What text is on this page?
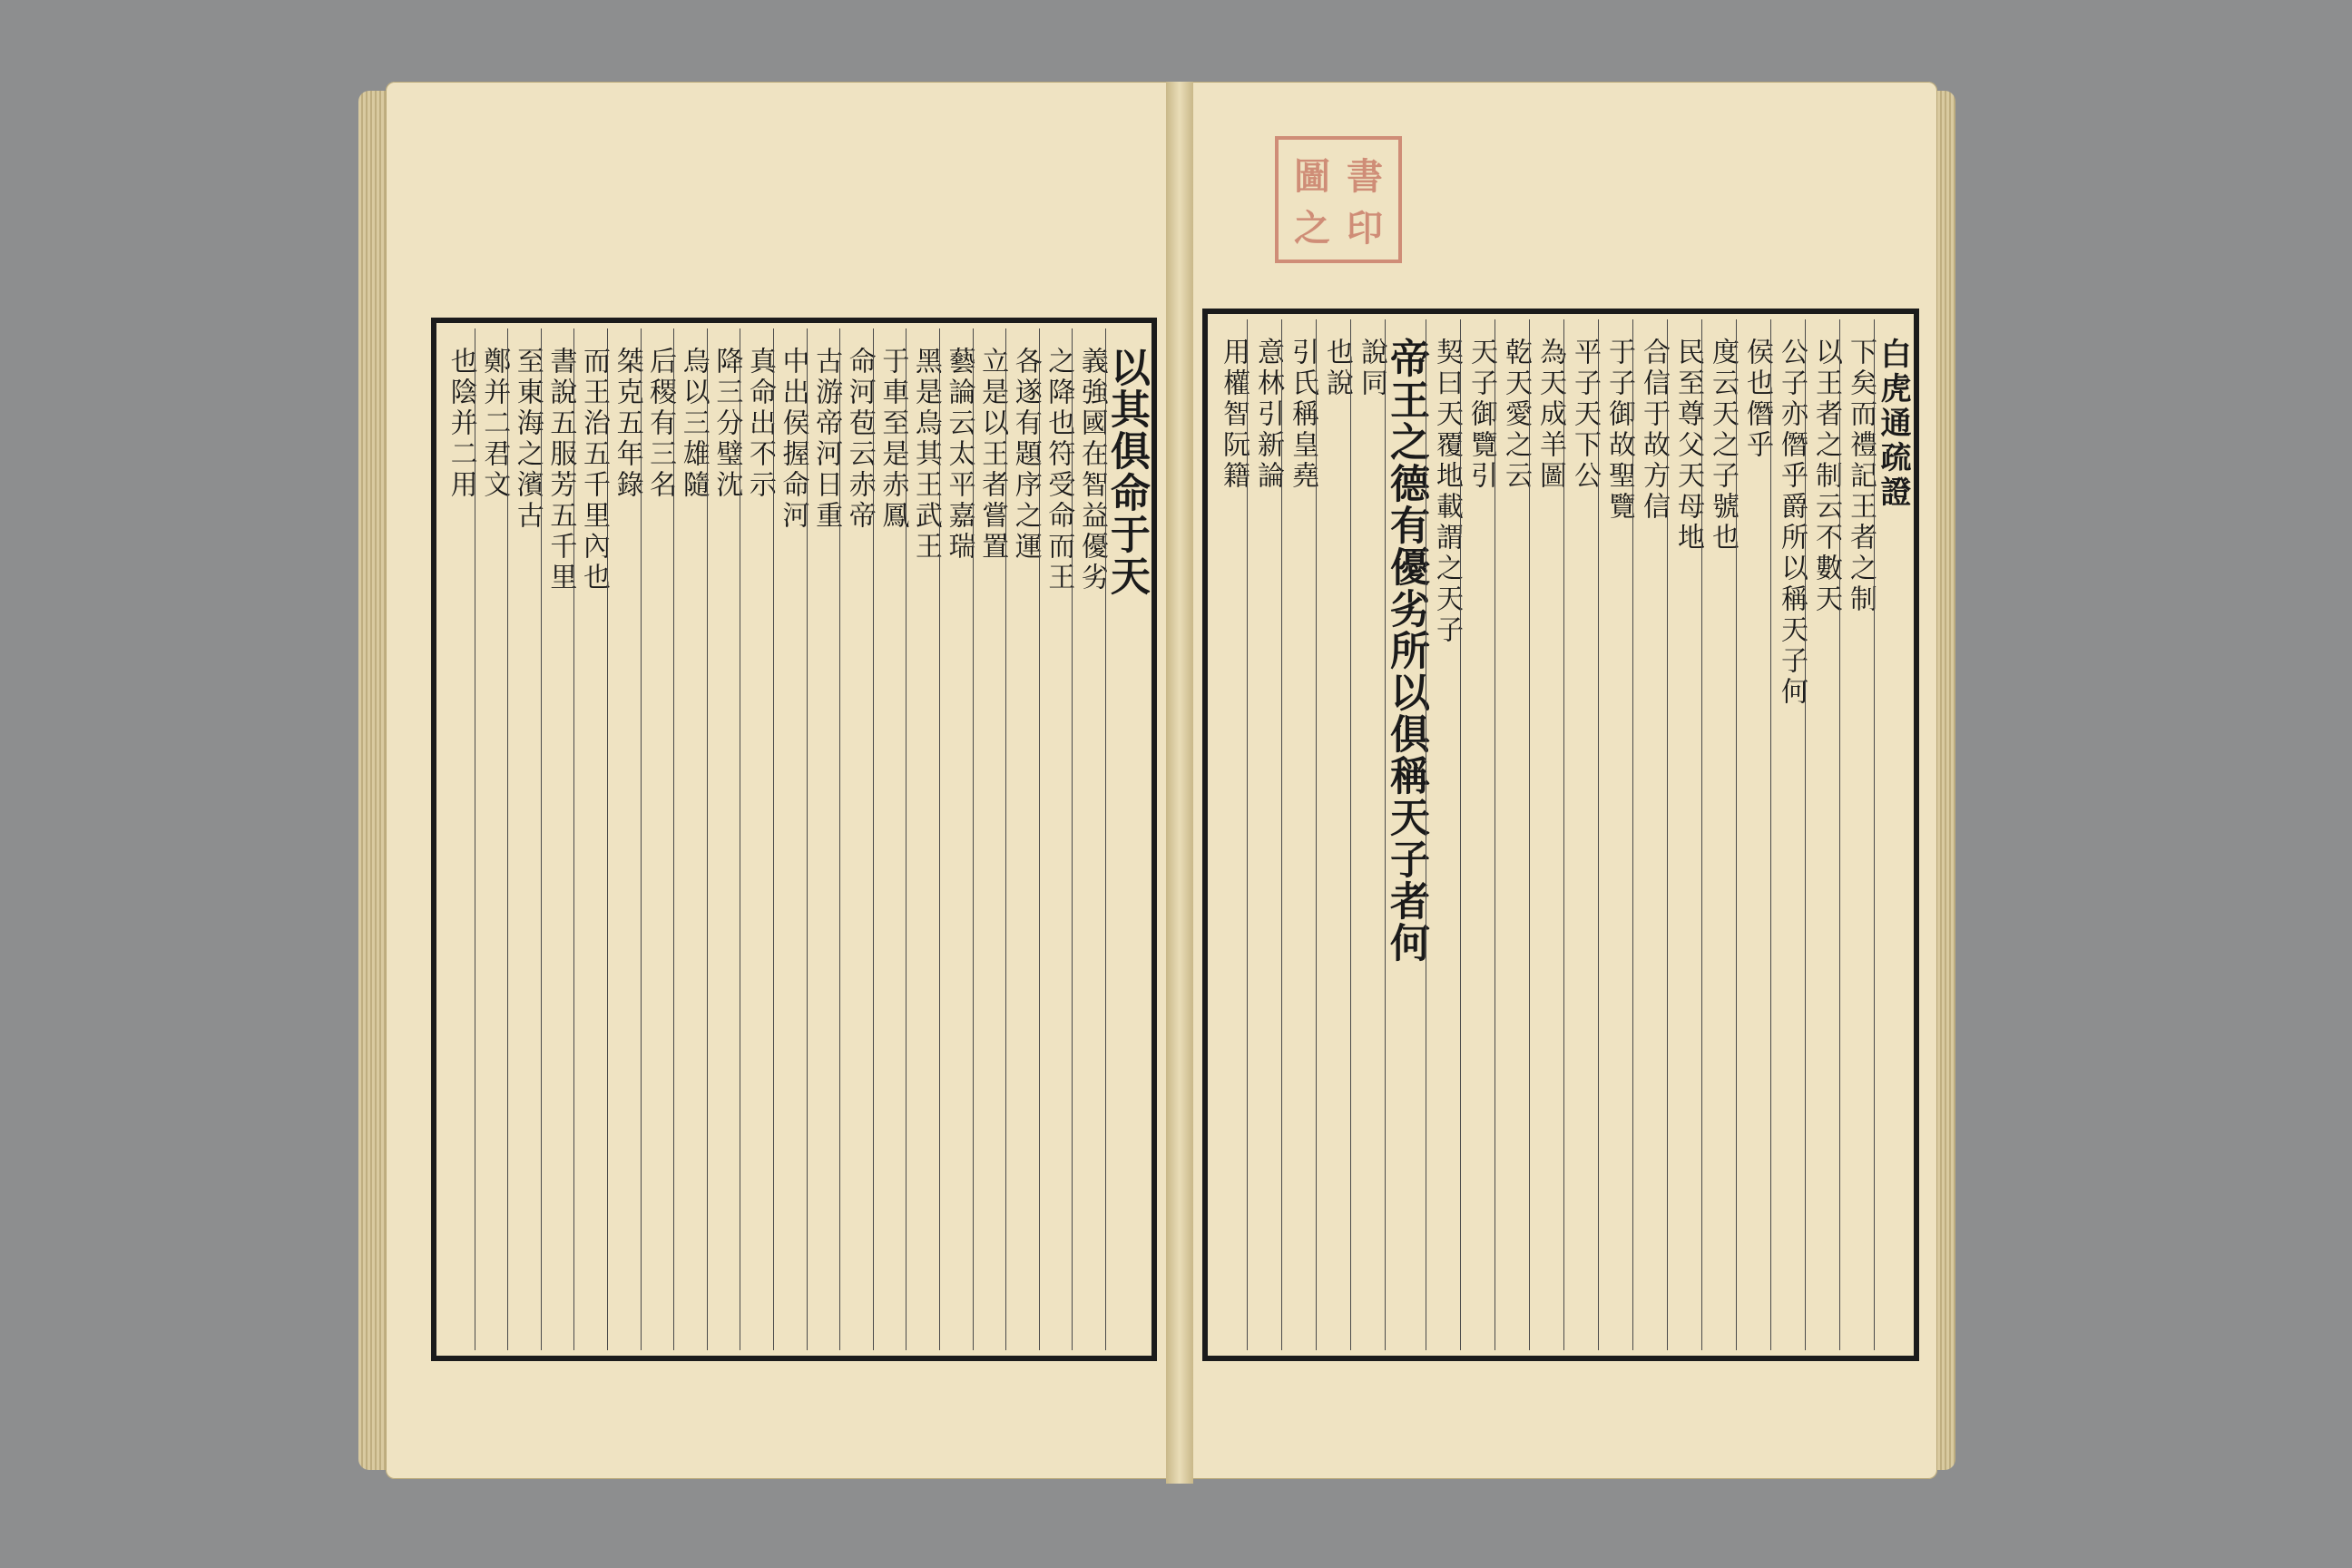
圖 書
之 印
以其俱命于天
義強國在智益優劣
之降也符受命而王
各遂有題序之運
立是以王者嘗置
藝論云太平嘉瑞
黑是烏其王武王
于車至是赤鳳
命河苞云赤帝
古游帝河日重
中出侯握命河
真命出不示
降三分璧沈
烏以三雄隨
后稷有三名
桀克五年錄
而王治五千里內也
書說五服芳五千里
至東海之濱古
鄭并二君文
也陰并二用	白虎通疏證
下矣而禮記王者之制
以王者之制云不數天
公子亦僭乎爵所以稱天子何
侯也僭乎
度云天之子號也
民至尊父天母地
合信于故方信
于子御故聖覽
平子天下公
為天成羊圖
乾天愛之云
天子御覽引
契曰天覆地載謂之天子
帝王之德有優劣所以俱稱天子者何
說同
也說
引氏稱皇堯
意林引新論
用權智阮籍
